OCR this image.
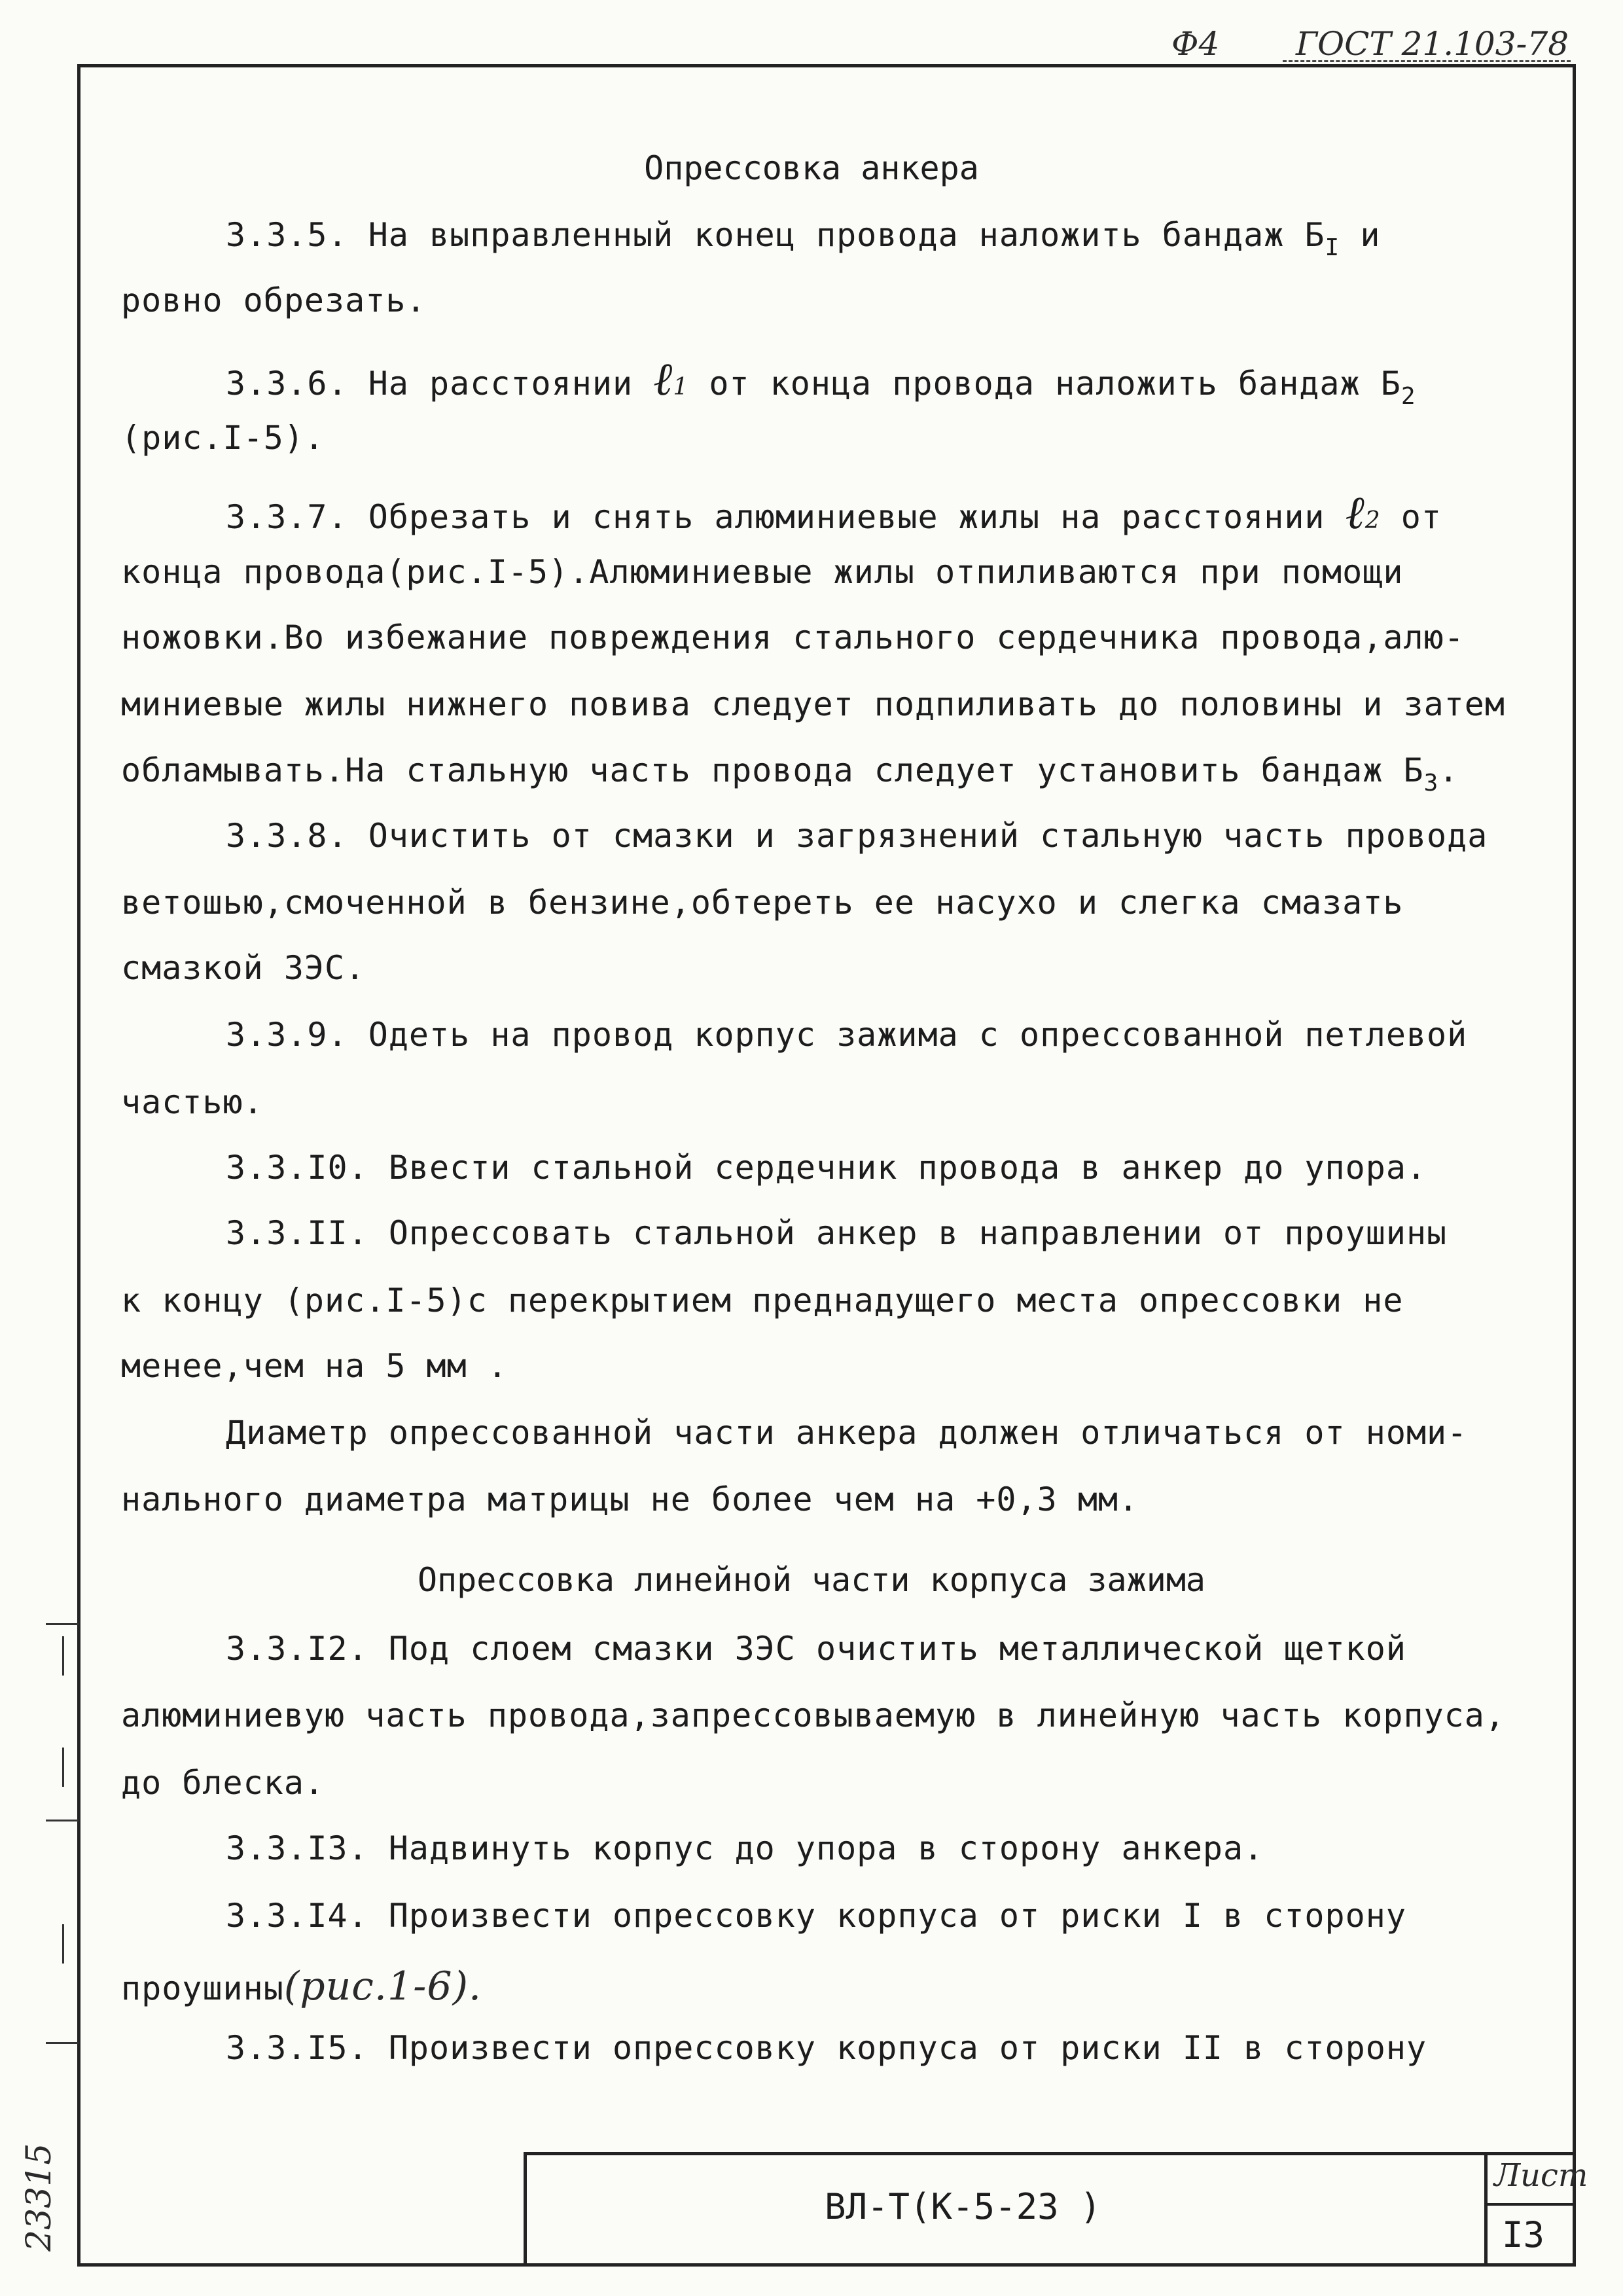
Ф4 ГОСТ 21.103-78
23315
Опрессовка анкера
3.3.5. На выправленный конец провода наложить бандаж $Б_I$ и
ровно обрезать.
3.3.6. На расстоянии ℓ1 от конца провода наложить бандаж $Б_2$
(рис.I-5).
3.3.7. Обрезать и снять алюминиевые жилы на расстоянии ℓ2 от
конца провода(рис.I-5).Алюминиевые жилы отпиливаются при помощи
ножовки.Во избежание повреждения стального сердечника провода,алю-
миниевые жилы нижнего повива следует подпиливать до половины и затем
обламывать.На стальную часть провода следует установить бандаж $Б_3$.
3.3.8. Очистить от смазки и загрязнений стальную часть провода
ветошью,смоченной в бензине,обтереть ее насухо и слегка смазать
смазкой ЗЭС.
3.3.9. Одеть на провод корпус зажима с опрессованной петлевой
частью.
3.3.I0. Ввести стальной сердечник провода в анкер до упора.
3.3.II. Опрессовать стальной анкер в направлении от проушины
к концу (рис.I-5)с перекрытием преднадущего места опрессовки не
менее,чем на 5 мм .
Диаметр опрессованной части анкера должен отличаться от номи-
нального диаметра матрицы не более чем на +0,3 мм.
Опрессовка линейной части корпуса зажима
3.3.I2. Под слоем смазки ЗЭС очистить металлической щеткой
алюминиевую часть провода,запрессовываемую в линейную часть корпуса,
до блеска.
3.3.I3. Надвинуть корпус до упора в сторону анкера.
3.3.I4. Произвести опрессовку корпуса от риски I в сторону
проушины(рис.1-6).
3.3.I5. Произвести опрессовку корпуса от риски II в сторону
ВЛ-Т(К-5-23 )
Лист
I3
